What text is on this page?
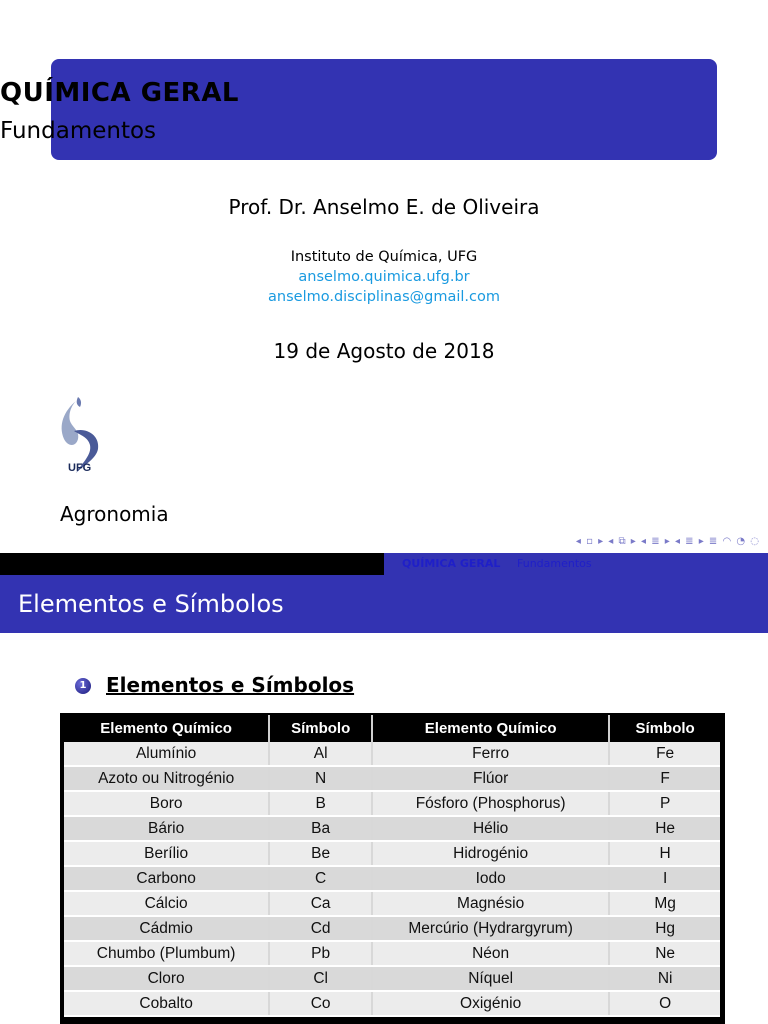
QUÍMICA GERAL
Fundamentos
Prof. Dr. Anselmo E. de Oliveira
Instituto de Química, UFG
anselmo.quimica.ufg.br
anselmo.disciplinas@gmail.com
19 de Agosto de 2018
UFG
Agronomia
◂ ▫ ▸ ◂ ⧉ ▸ ◂ ≣ ▸ ◂ ≣ ▸ ≣ ◠ ◔ ◌
QUÍMICA GERAL Fundamentos
Elementos e Símbolos
1 Elementos e Símbolos
Elemento Químico	Símbolo	Elemento Químico	Símbolo
Alumínio	Al	Ferro	Fe
Azoto ou Nitrogénio	N	Flúor	F
Boro	B	Fósforo (Phosphorus)	P
Bário	Ba	Hélio	He
Berílio	Be	Hidrogénio	H
Carbono	C	Iodo	I
Cálcio	Ca	Magnésio	Mg
Cádmio	Cd	Mercúrio (Hydrargyrum)	Hg
Chumbo (Plumbum)	Pb	Néon	Ne
Cloro	Cl	Níquel	Ni
Cobalto	Co	Oxigénio	O
